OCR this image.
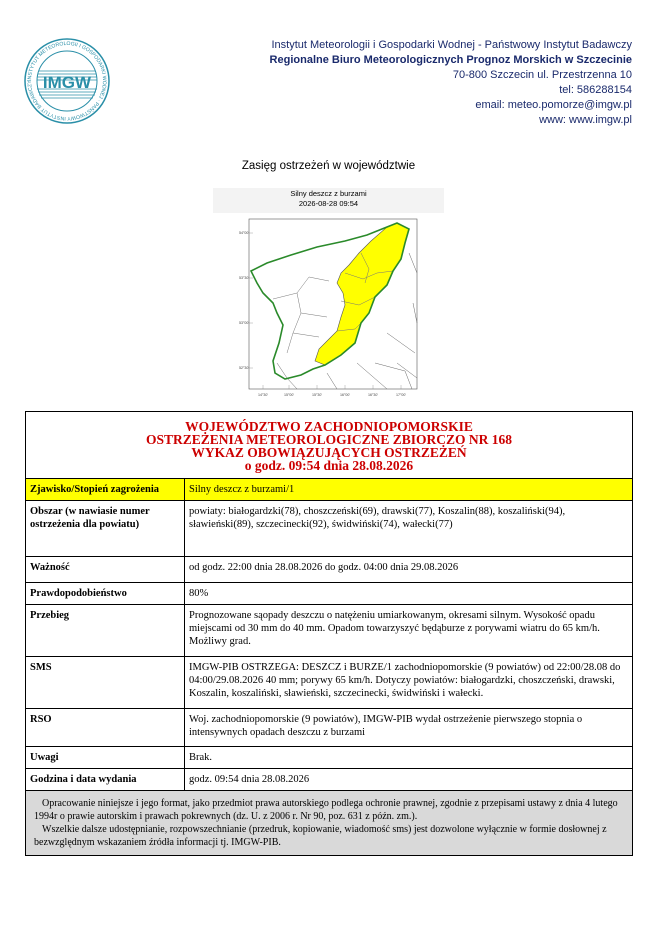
INSTYTUT METEOROLOGII I GOSPODARKI WODNEJ · PAŃSTWOWY INSTYTUT BADAWCZY IMGW
Instytut Meteorologii i Gospodarki Wodnej - Państwowy Instytut Badawczy
Regionalne Biuro Meteorologicznych Prognoz Morskich w Szczecinie
70-800 Szczecin ul. Przestrzenna 10
tel: 586288154
email: meteo.pomorze@imgw.pl
www: www.imgw.pl
Zasięg ostrzeżeń w województwie
Silny deszcz z burzami
2026-08-28 09:54
54°00'
53°30'
53°00'
52°30'
14°30'	15°00'	15°30'	16°00'	16°30'	17°00'
WOJEWÓDZTWO ZACHODNIOPOMORSKIE
OSTRZEŻENIA METEOROLOGICZNE ZBIORCZO NR 168
WYKAZ OBOWIĄZUJĄCYCH OSTRZEŻEŃ
o godz. 09:54 dnia 28.08.2026	

Zjawisko/Stopień zagrożenia	Silny deszcz z burzami/1
Obszar (w nawiasie numer ostrzeżenia dla powiatu)	powiaty: białogardzki(78), choszczeński(69), drawski(77), Koszalin(88), koszaliński(94), sławieński(89), szczecinecki(92), świdwiński(74), wałecki(77)
Ważność	od godz. 22:00 dnia 28.08.2026 do godz. 04:00 dnia 29.08.2026
Prawdopodobieństwo	80%
Przebieg	Prognozowane sąopady deszczu o natężeniu umiarkowanym, okresami silnym. Wysokość opadu miejscami od 30 mm do 40 mm. Opadom towarzyszyć będąburze z porywami wiatru do 65 km/h. Możliwy grad.
SMS	IMGW-PIB OSTRZEGA: DESZCZ i BURZE/1 zachodniopomorskie (9 powiatów) od 22:00/28.08 do 04:00/29.08.2026 40 mm; porywy 65 km/h. Dotyczy powiatów: białogardzki, choszczeński, drawski, Koszalin, koszaliński, sławieński, szczecinecki, świdwiński i wałecki.
RSO	Woj. zachodniopomorskie (9 powiatów), IMGW-PIB wydał ostrzeżenie pierwszego stopnia o intensywnych opadach deszczu z burzami
Uwagi	Brak.
Godzina i data wydania	godz. 09:54 dnia 28.08.2026

Opracowanie niniejsze i jego format, jako przedmiot prawa autorskiego podlega ochronie prawnej, zgodnie z przepisami ustawy z dnia 4 lutego 1994r o prawie autorskim i prawach pokrewnych (dz. U. z 2006 r. Nr 90, poz. 631 z późn. zm.).
Wszelkie dalsze udostępnianie, rozpowszechnianie (przedruk, kopiowanie, wiadomość sms) jest dozwolone wyłącznie w formie dosłownej z bezwzględnym wskazaniem źródła informacji tj. IMGW-PIB.	
